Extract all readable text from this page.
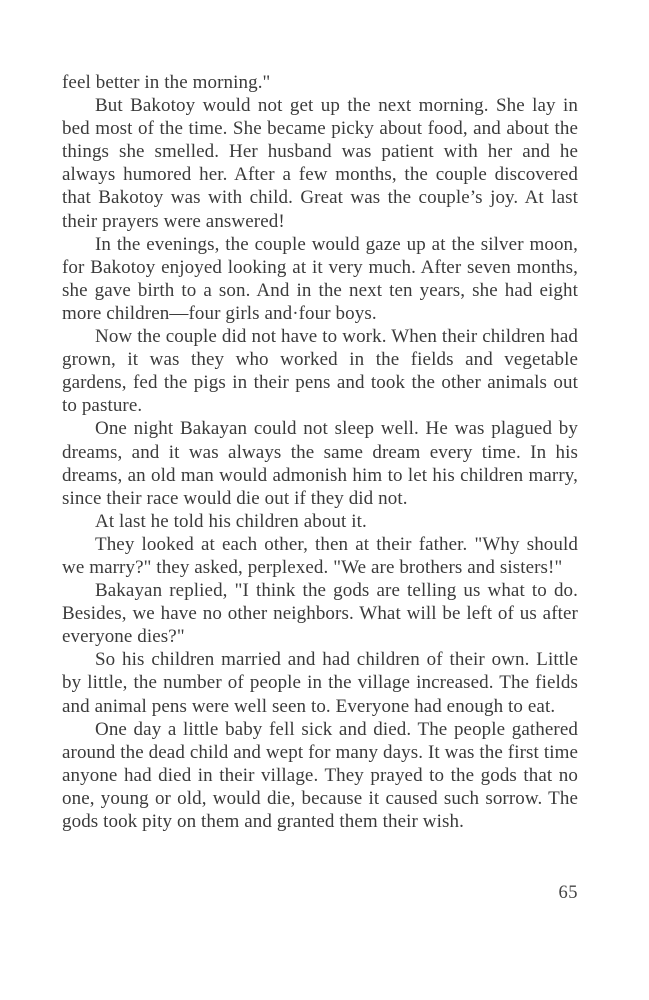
feel better in the morning."

But Bakotoy would not get up the next morning. She lay in bed most of the time. She became picky about food, and about the things she smelled. Her husband was patient with her and he always humored her. After a few months, the couple discovered that Bakotoy was with child. Great was the couple’s joy. At last their prayers were answered!

In the evenings, the couple would gaze up at the silver moon, for Bakotoy enjoyed looking at it very much. After seven months, she gave birth to a son. And in the next ten years, she had eight more children—four girls and·four boys.

Now the couple did not have to work. When their children had grown, it was they who worked in the fields and vegetable gardens, fed the pigs in their pens and took the other animals out to pasture.

One night Bakayan could not sleep well. He was plagued by dreams, and it was always the same dream every time. In his dreams, an old man would admonish him to let his children marry, since their race would die out if they did not.

At last he told his children about it.

They looked at each other, then at their father. "Why should we marry?" they asked, perplexed. "We are brothers and sisters!"

Bakayan replied, "I think the gods are telling us what to do. Besides, we have no other neighbors. What will be left of us after everyone dies?"

So his children married and had children of their own. Little by little, the number of people in the village increased. The fields and animal pens were well seen to. Everyone had enough to eat.

One day a little baby fell sick and died. The people gathered around the dead child and wept for many days. It was the first time anyone had died in their village. They prayed to the gods that no one, young or old, would die, because it caused such sorrow. The gods took pity on them and granted them their wish.

65
